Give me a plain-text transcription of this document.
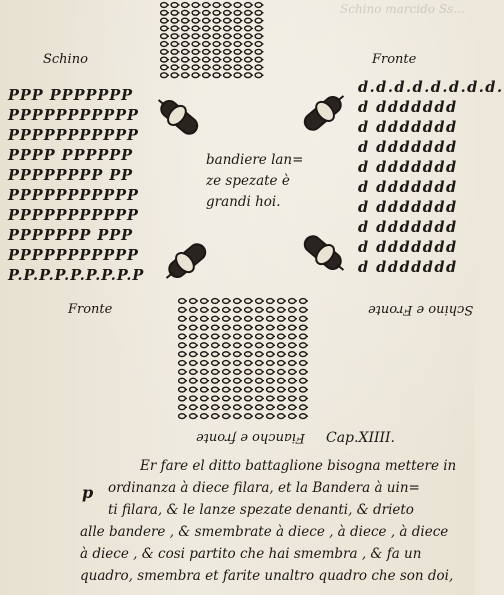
Schino marcido Ss...
Schino	Fronte
PPP PPPPPPP
PPPPPPPPPPP
PPPPPPPPPPP
PPPP PPPPPP
PPPPPPPP PP
PPPPPPPPPPP
PPPPPPPPPPP
PPPPPPP PPP
PPPPPPPPPPP
P.P.P.P.P.P.P.P.P
Fronte
d.d.d.d.d.d.d.d.
d ddddddd
d ddddddd
d ddddddd
d ddddddd
d ddddddd
d ddddddd
d ddddddd
d ddddddd
d ddddddd
Schino e Fronte
bandiere lan=
ze spezate è
grandi hoi.
Fiancho e fronte Cap.XIIII.
p
Er fare el ditto battaglione bisogna mettere in
ordinanza à diece filara, et la Bandera à uin=
ti filara, & le lanze spezate denanti, & drieto
alle bandere , & smembrate à diece , à diece , à diece
à diece , & cosi partito che hai smembra , & fa un
quadro, smembra et farite unaltro quadro che son doi,
